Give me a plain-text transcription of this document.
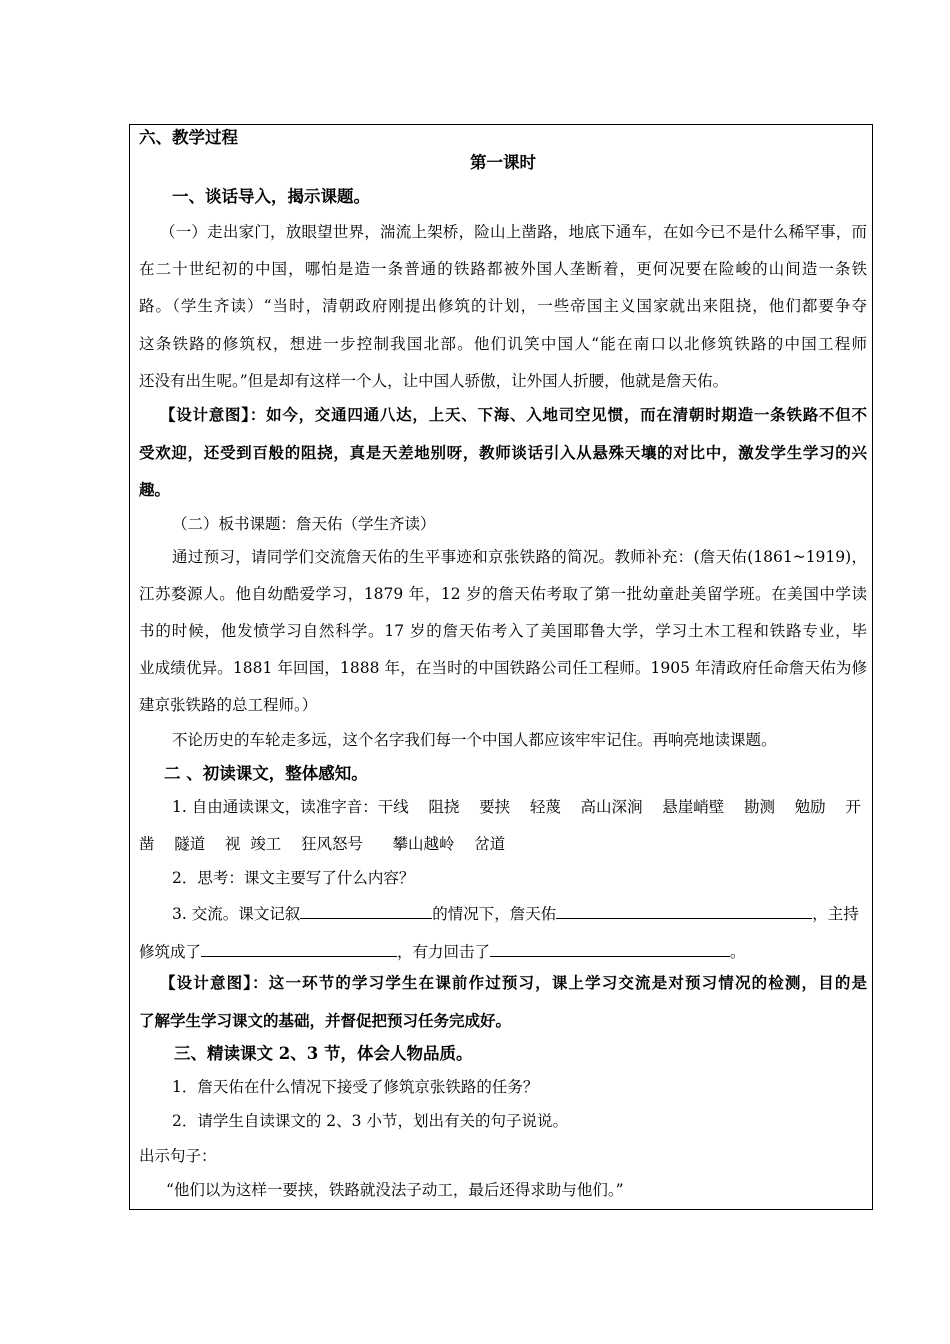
六、教学过程
第一课时
一、谈话导入，揭示课题。
（一）走出家门，放眼望世界，湍流上架桥，险山上凿路，地底下通车，在如今已不是什么稀罕事，而
在二十世纪初的中国，哪怕是造一条普通的铁路都被外国人垄断着，更何况要在险峻的山间造一条铁
路。（学生齐读）“当时，清朝政府刚提出修筑的计划，一些帝国主义国家就出来阻挠，他们都要争夺
这条铁路的修筑权，想进一步控制我国北部。他们讥笑中国人“能在南口以北修筑铁路的中国工程师
还没有出生呢。”但是却有这样一个人，让中国人骄傲，让外国人折腰，他就是詹天佑。
【设计意图】：如今，交通四通八达，上天、下海、入地司空见惯，而在清朝时期造一条铁路不但不
受欢迎，还受到百般的阻挠，真是天差地别呀，教师谈话引入从悬殊天壤的对比中，激发学生学习的兴
趣。
（二）板书课题：詹天佑（学生齐读）
通过预习，请同学们交流詹天佑的生平事迹和京张铁路的简况。教师补充：(詹天佑(1861~1919)，
江苏婺源人。他自幼酷爱学习，1879 年，12 岁的詹天佑考取了第一批幼童赴美留学班。在美国中学读
书的时候，他发愤学习自然科学。17 岁的詹天佑考入了美国耶鲁大学，学习土木工程和铁路专业，毕
业成绩优异。1881 年回国，1888 年，在当时的中国铁路公司任工程师。1905 年清政府任命詹天佑为修
建京张铁路的总工程师。）
不论历史的车轮走多远，这个名字我们每一个中国人都应该牢牢记住。再响亮地读课题。
二 、初读课文，整体感知。
1. 自由通读课文，读准字音：干线    阻挠    要挟    轻蔑    高山深涧    悬崖峭壁    勘测    勉励    开
凿    隧道    视  竣工    狂风怒号      攀山越岭    岔道
2．思考：课文主要写了什么内容？
3. 交流。课文记叙	的情况下，詹天佑	，主持
修筑成了	，有力回击了	。
【设计意图】：这一环节的学习学生在课前作过预习，课上学习交流是对预习情况的检测，目的是
了解学生学习课文的基础，并督促把预习任务完成好。
三、精读课文 2、3 节，体会人物品质。
1．詹天佑在什么情况下接受了修筑京张铁路的任务？
2．请学生自读课文的 2、3 小节，划出有关的句子说说。
出示句子：
“他们以为这样一要挟，铁路就没法子动工，最后还得求助与他们。”
